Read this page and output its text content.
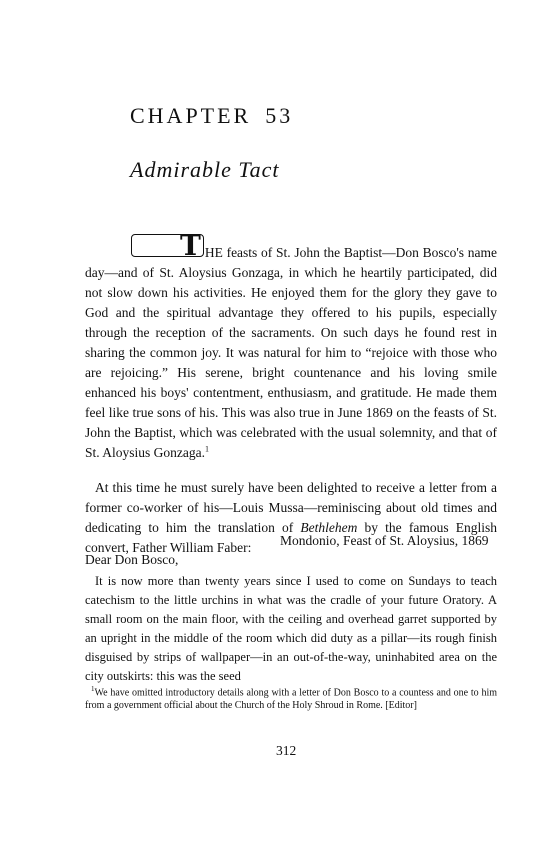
CHAPTER 53
Admirable Tact

T HE feasts of St. John the Baptist—Don Bosco's name day—and of St. Aloysius Gonzaga, in which he heartily participated, did not slow down his activities. He enjoyed them for the glory they gave to God and the spiritual advantage they offered to his pupils, especially through the reception of the sacraments. On such days he found rest in sharing the common joy. It was natural for him to “rejoice with those who are rejoicing.” His serene, bright countenance and his loving smile enhanced his boys' contentment, enthusiasm, and gratitude. He made them feel like true sons of his. This was also true in June 1869 on the feasts of St. John the Baptist, which was celebrated with the usual solemnity, and that of St. Aloysius Gonzaga.$^1$

At this time he must surely have been delighted to receive a letter from a former co-worker of his—Louis Mussa—reminiscing about old times and dedicating to him the translation of Bethlehem by the famous English convert, Father William Faber:	Mondonio, Feast of St. Aloysius, 1869
Dear Don Bosco,

It is now more than twenty years since I used to come on Sundays to teach catechism to the little urchins in what was the cradle of your future Oratory. A small room on the main floor, with the ceiling and overhead garret supported by an upright in the middle of the room which did duty as a pillar—its rough finish disguised by strips of wallpaper—in an out-of-the-way, uninhabited area on the city outskirts: this was the seed

$^1$We have omitted introductory details along with a letter of Don Bosco to a countess and one to him from a government official about the Church of the Holy Shroud in Rome. [Editor]

312
